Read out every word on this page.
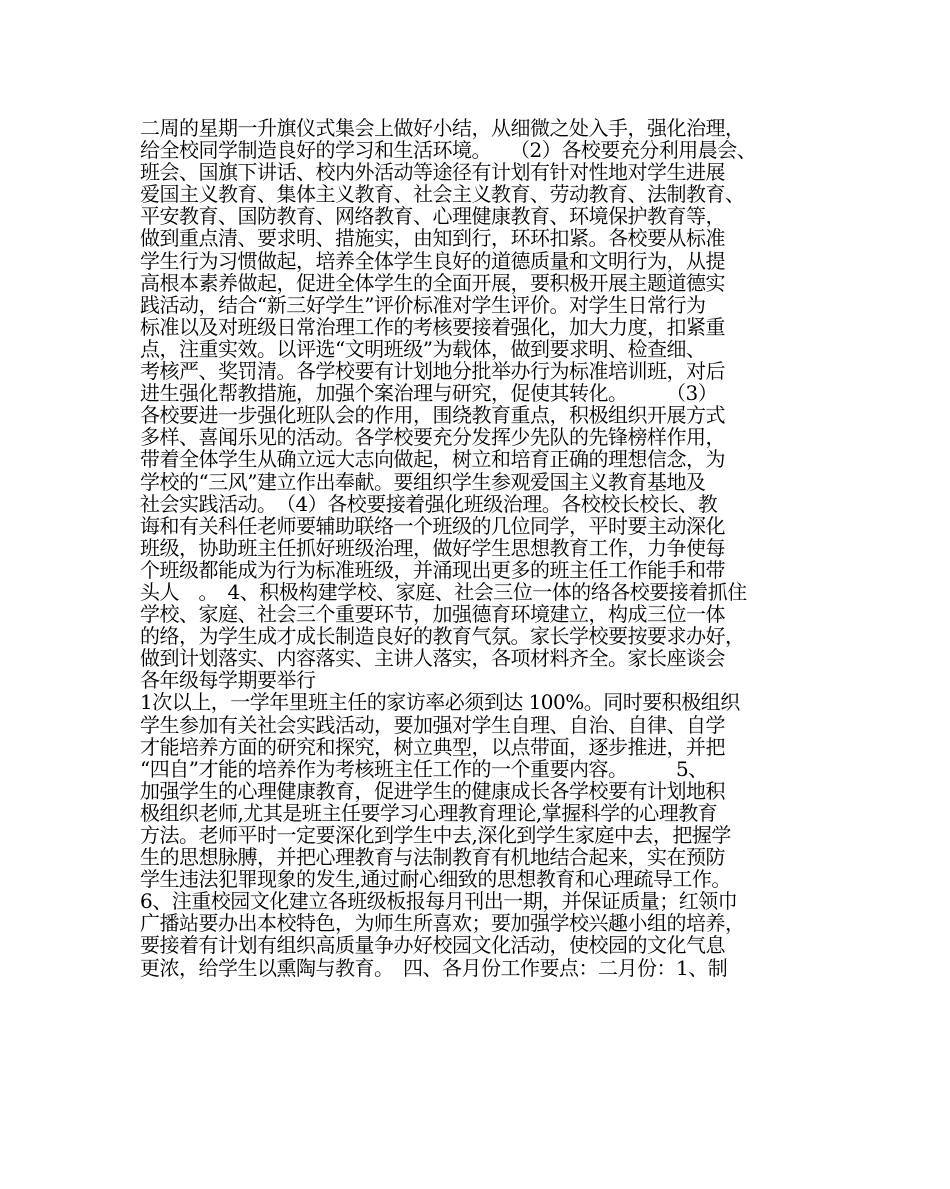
二周的星期一升旗仪式集会上做好小结，从细微之处入手，强化治理，
给全校同学制造良好的学习和生活环境。　　（2）各校要充分利用晨会、
班会、国旗下讲话、校内外活动等途径有计划有针对性地对学生进展
爱国主义教育、集体主义教育、社会主义教育、劳动教育、法制教育、
平安教育、国防教育、网络教育、心理健康教育、环境保护教育等，
做到重点清、要求明、措施实，由知到行，环环扣紧。各校要从标准
学生行为习惯做起，培养全体学生良好的道德质量和文明行为，从提
高根本素养做起，促进全体学生的全面开展，要积极开展主题道德实
践活动，结合“新三好学生”评价标准对学生评价。对学生日常行为
标准以及对班级日常治理工作的考核要接着强化，加大力度，扣紧重
点，注重实效。以评选“文明班级”为载体，做到要求明、检查细、
考核严、奖罚清。各学校要有计划地分批举办行为标准培训班，对后
进生强化帮教措施，加强个案治理与研究，促使其转化。　　　（3）
各校要进一步强化班队会的作用，围绕教育重点，积极组织开展方式
多样、喜闻乐见的活动。各学校要充分发挥少先队的先锋榜样作用，
带着全体学生从确立远大志向做起，树立和培育正确的理想信念，为
学校的“三风”建立作出奉献。要组织学生参观爱国主义教育基地及
社会实践活动。　（4）各校要接着强化班级治理。各校校长校长、教
诲和有关科任老师要辅助联络一个班级的几位同学，平时要主动深化
班级，协助班主任抓好班级治理，做好学生思想教育工作，力争使每
个班级都能成为行为标准班级，并涌现出更多的班主任工作能手和带
头人　。　4、积极构建学校、家庭、社会三位一体的络各校要接着抓住
学校、家庭、社会三个重要环节，加强德育环境建立，构成三位一体
的络，为学生成才成长制造良好的教育气氛。家长学校要按要求办好，
做到计划落实、内容落实、主讲人落实，各项材料齐全。家长座谈会
各年级每学期要举行
1次以上，一学年里班主任的家访率必须到达 100%。同时要积极组织
学生参加有关社会实践活动，要加强对学生自理、自治、自律、自学
才能培养方面的研究和探究，树立典型，以点带面，逐步推进，并把
“四自”才能的培养作为考核班主任工作的一个重要内容。　　　5、
加强学生的心理健康教育，促进学生的健康成长各学校要有计划地积
极组织老师,尤其是班主任要学习心理教育理论,掌握科学的心理教育
方法。老师平时一定要深化到学生中去,深化到学生家庭中去，把握学
生的思想脉膊，并把心理教育与法制教育有机地结合起来，实在预防
学生违法犯罪现象的发生,通过耐心细致的思想教育和心理疏导工作。
6、注重校园文化建立各班级板报每月刊出一期，并保证质量；红领巾
广播站要办出本校特色，为师生所喜欢；要加强学校兴趣小组的培养，
要接着有计划有组织高质量争办好校园文化活动，使校园的文化气息
更浓，给学生以熏陶与教育。　四、各月份工作要点：二月份：1、制
